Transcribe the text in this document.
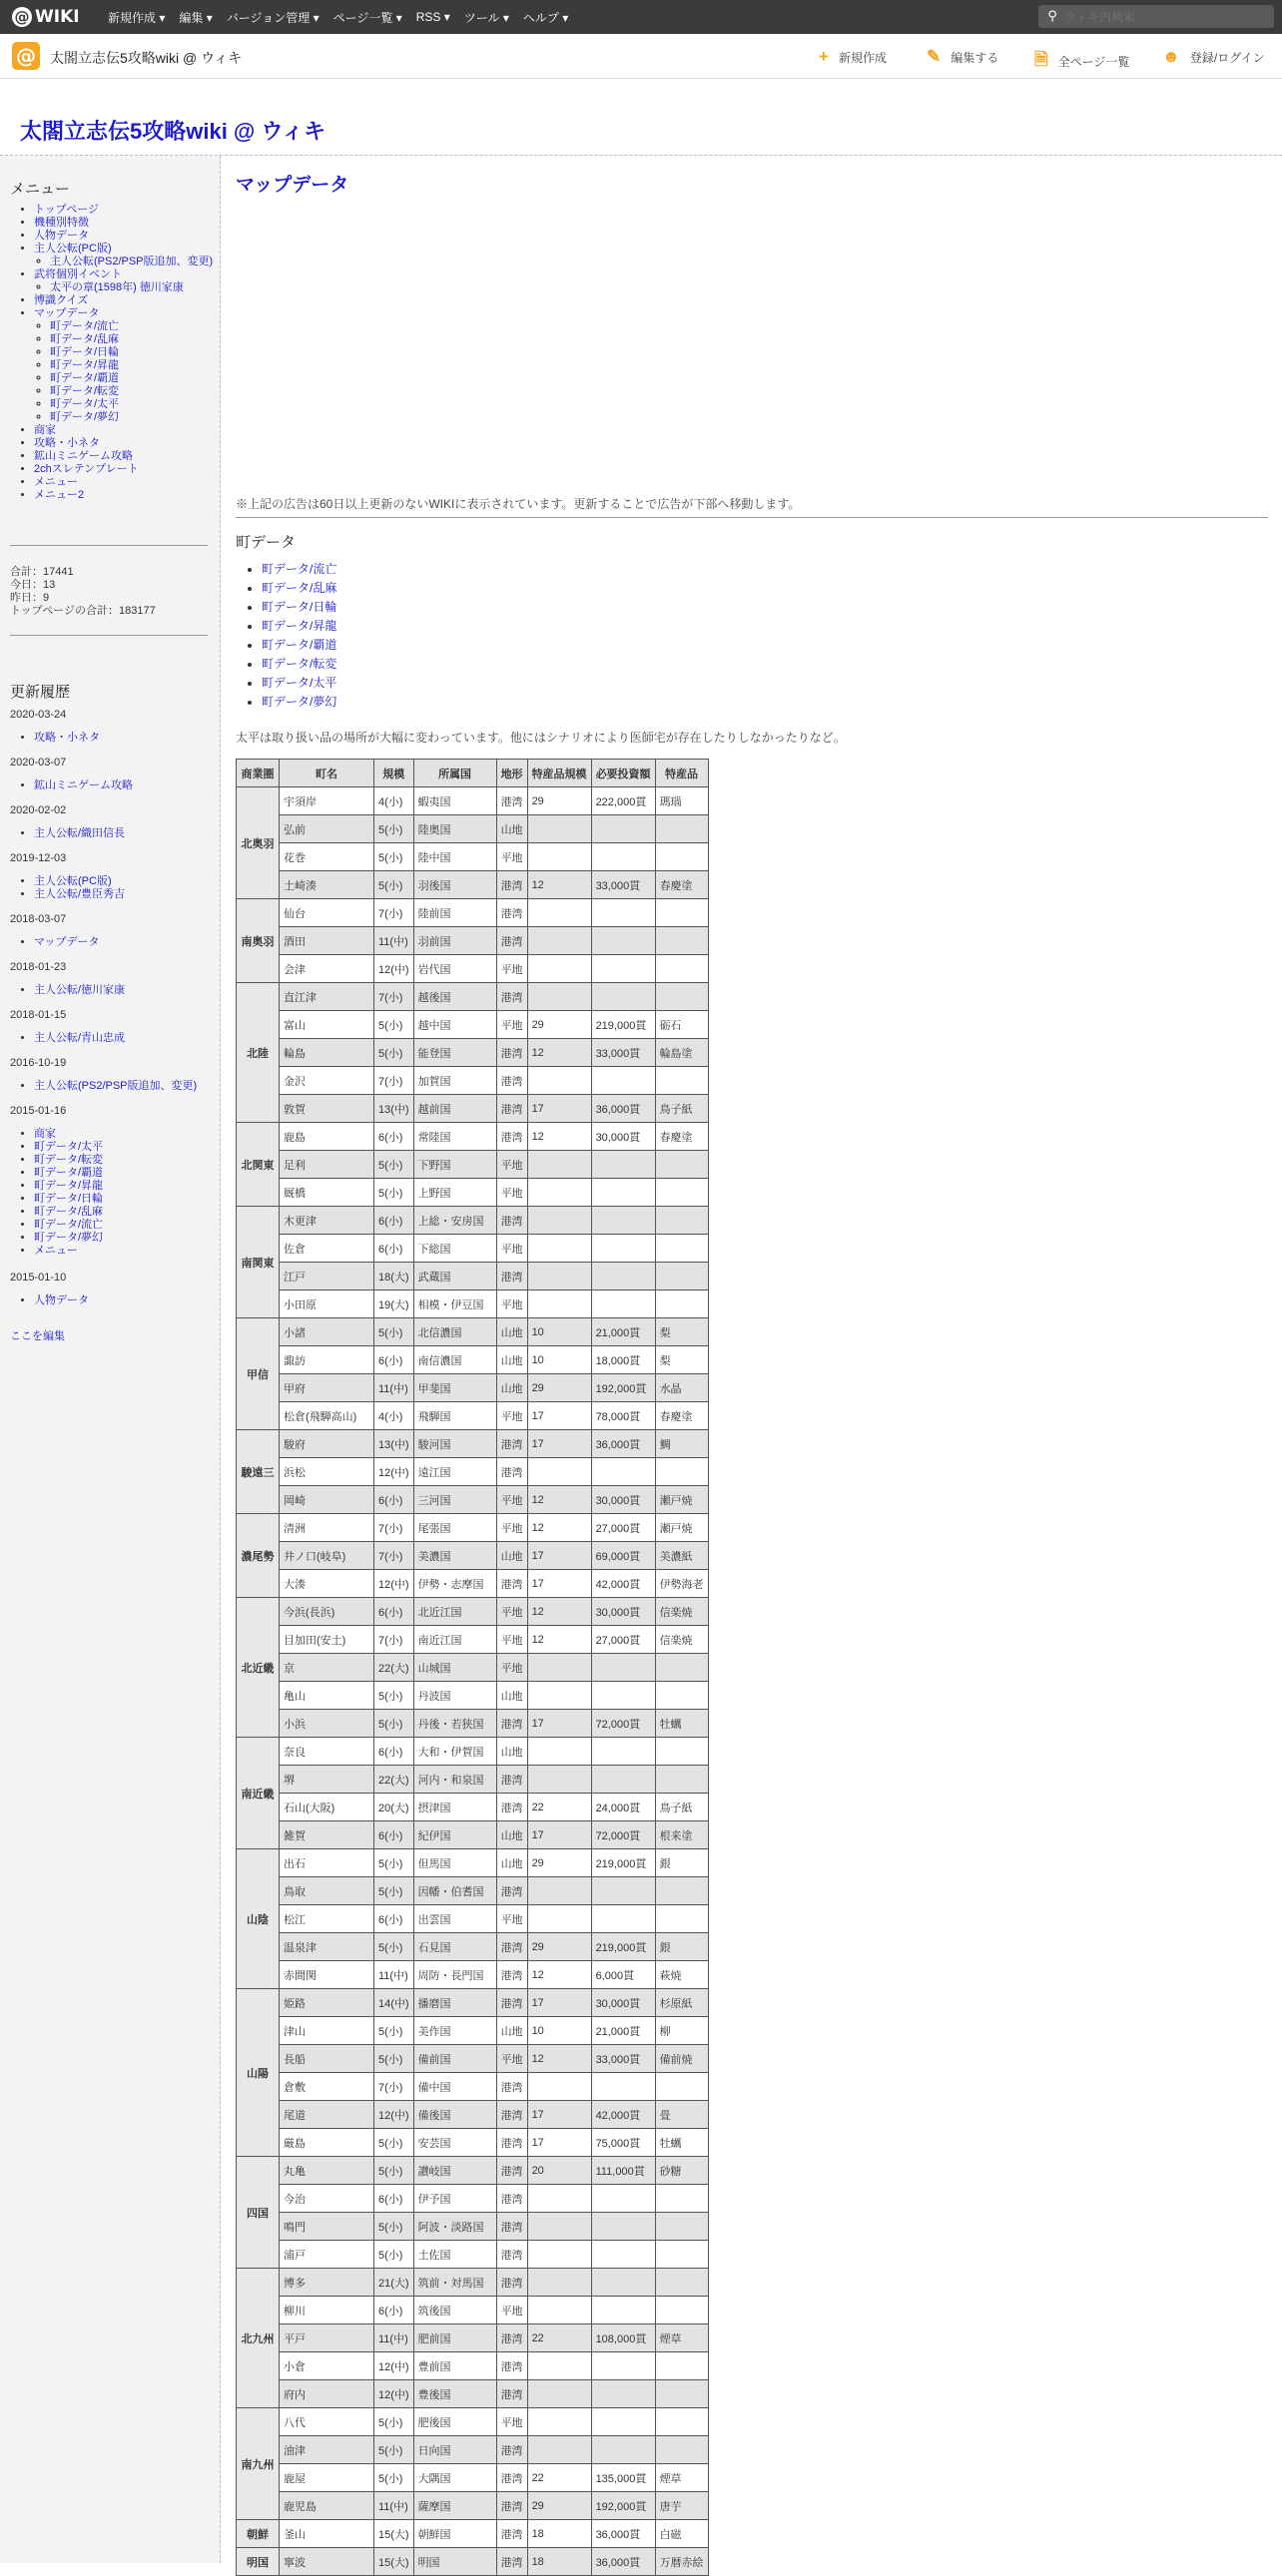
@ WIKI 新規作成 ▾ 編集 ▾ バージョン管理 ▾ ページ一覧 ▾ RSS ▾ ツール ▾ ヘルプ ▾	⚲
ウィキ内検索
@ 太閤立志伝5攻略wiki @ ウィキ	+ 新規作成 ✎ 編集する 🗎 全ページ一覧 ☻ 登録/ログイン
太閤立志伝5攻略wiki @ ウィキ
メニュー
• トップページ
• 機種別特徴
• 人物データ
• 主人公転(PC版)
◦ 主人公転(PS2/PSP版追加、変更)
• 武将個別イベント
◦ 太平の章(1598年) 徳川家康
• 博識クイズ
• マップデータ
◦ 町データ/流亡
◦ 町データ/乱麻
◦ 町データ/日輪
◦ 町データ/昇龍
◦ 町データ/覇道
◦ 町データ/転変
◦ 町データ/太平
◦ 町データ/夢幻
• 商家
• 攻略・小ネタ
• 鉱山ミニゲーム攻略
• 2chスレテンプレート
• メニュー
• メニュー2
合計：17441
今日：13
昨日：9
トップページの合計：183177
更新履歴
2020-03-24
• 攻略・小ネタ
2020-03-07
• 鉱山ミニゲーム攻略
2020-02-02
• 主人公転/織田信長
2019-12-03
• 主人公転(PC版)
• 主人公転/豊臣秀吉
2018-03-07
• マップデータ
2018-01-23
• 主人公転/徳川家康
2018-01-15
• 主人公転/青山忠成
2016-10-19
• 主人公転(PS2/PSP版追加、変更)
2015-01-16
• 商家
• 町データ/太平
• 町データ/転変
• 町データ/覇道
• 町データ/昇龍
• 町データ/日輪
• 町データ/乱麻
• 町データ/流亡
• 町データ/夢幻
• メニュー
2015-01-10
• 人物データ
ここを編集
マップデータ
※上記の広告は60日以上更新のないWIKIに表示されています。更新することで広告が下部へ移動します。
町データ
• 町データ/流亡
• 町データ/乱麻
• 町データ/日輪
• 町データ/昇龍
• 町データ/覇道
• 町データ/転変
• 町データ/太平
• 町データ/夢幻
太平は取り扱い品の場所が大幅に変わっています。他にはシナリオにより医師宅が存在したりしなかったりなど。
商業圏	町名	規模	所属国	地形	特産品規模	必要投資額	特産品
北奥羽	宇須岸	4(小)	蝦夷国	港湾	29	222,000貫	瑪瑙
	弘前	5(小)	陸奥国	山地			
	花巻	5(小)	陸中国	平地			
	土崎湊	5(小)	羽後国	港湾	12	33,000貫	春慶塗
南奥羽	仙台	7(小)	陸前国	港湾			
	酒田	11(中)	羽前国	港湾			
	会津	12(中)	岩代国	平地			
北陸	直江津	7(小)	越後国	港湾			
	富山	5(小)	越中国	平地	29	219,000貫	砺石
	輪島	5(小)	能登国	港湾	12	33,000貫	輪島塗
	金沢	7(小)	加賀国	港湾			
	敦賀	13(中)	越前国	港湾	17	36,000貫	鳥子紙
北関東	鹿島	6(小)	常陸国	港湾	12	30,000貫	春慶塗
	足利	5(小)	下野国	平地			
	厩橋	5(小)	上野国	平地			
南関東	木更津	6(小)	上総・安房国	港湾			
	佐倉	6(小)	下総国	平地			
	江戸	18(大)	武蔵国	港湾			
	小田原	19(大)	相模・伊豆国	平地			
甲信	小諸	5(小)	北信濃国	山地	10	21,000貫	梨
	諏訪	6(小)	南信濃国	山地	10	18,000貫	梨
	甲府	11(中)	甲斐国	山地	29	192,000貫	水晶
	松倉(飛騨高山)	4(小)	飛騨国	平地	17	78,000貫	春慶塗
駿遠三	駿府	13(中)	駿河国	港湾	17	36,000貫	鯛
	浜松	12(中)	遠江国	港湾			
	岡崎	6(小)	三河国	平地	12	30,000貫	瀬戸焼
濃尾勢	清洲	7(小)	尾張国	平地	12	27,000貫	瀬戸焼
	井ノ口(岐阜)	7(小)	美濃国	山地	17	69,000貫	美濃紙
	大湊	12(中)	伊勢・志摩国	港湾	17	42,000貫	伊勢海老
北近畿	今浜(長浜)	6(小)	北近江国	平地	12	30,000貫	信楽焼
	目加田(安土)	7(小)	南近江国	平地	12	27,000貫	信楽焼
	京	22(大)	山城国	平地			
	亀山	5(小)	丹波国	山地			
	小浜	5(小)	丹後・若狭国	港湾	17	72,000貫	牡蠣
南近畿	奈良	6(小)	大和・伊賀国	山地			
	堺	22(大)	河内・和泉国	港湾			
	石山(大阪)	20(大)	摂津国	港湾	22	24,000貫	鳥子紙
	雑賀	6(小)	紀伊国	山地	17	72,000貫	根来塗
山陰	出石	5(小)	但馬国	山地	29	219,000貫	銀
	鳥取	5(小)	因幡・伯耆国	港湾			
	松江	6(小)	出雲国	平地			
	温泉津	5(小)	石見国	港湾	29	219,000貫	銀
	赤間関	11(中)	周防・長門国	港湾	12	6,000貫	萩焼
山陽	姫路	14(中)	播磨国	港湾	17	30,000貫	杉原紙
	津山	5(小)	美作国	山地	10	21,000貫	柳
	長船	5(小)	備前国	平地	12	33,000貫	備前焼
	倉敷	7(小)	備中国	港湾			
	尾道	12(中)	備後国	港湾	17	42,000貫	畳
	厳島	5(小)	安芸国	港湾	17	75,000貫	牡蠣
四国	丸亀	5(小)	讃岐国	港湾	20	111,000貫	砂糖
	今治	6(小)	伊予国	港湾			
	鳴門	5(小)	阿波・淡路国	港湾			
	浦戸	5(小)	土佐国	港湾			
北九州	博多	21(大)	筑前・対馬国	港湾			
	柳川	6(小)	筑後国	平地			
	平戸	11(中)	肥前国	港湾	22	108,000貫	煙草
	小倉	12(中)	豊前国	港湾			
	府内	12(中)	豊後国	港湾			
南九州	八代	5(小)	肥後国	平地			
	油津	5(小)	日向国	港湾			
	鹿屋	5(小)	大隅国	港湾	22	135,000貫	煙草
	鹿児島	11(中)	薩摩国	港湾	29	192,000貫	唐芋
朝鮮	釜山	15(大)	朝鮮国	港湾	18	36,000貫	白磁
明国	寧波	15(大)	明国	港湾	18	36,000貫	万暦赤絵
